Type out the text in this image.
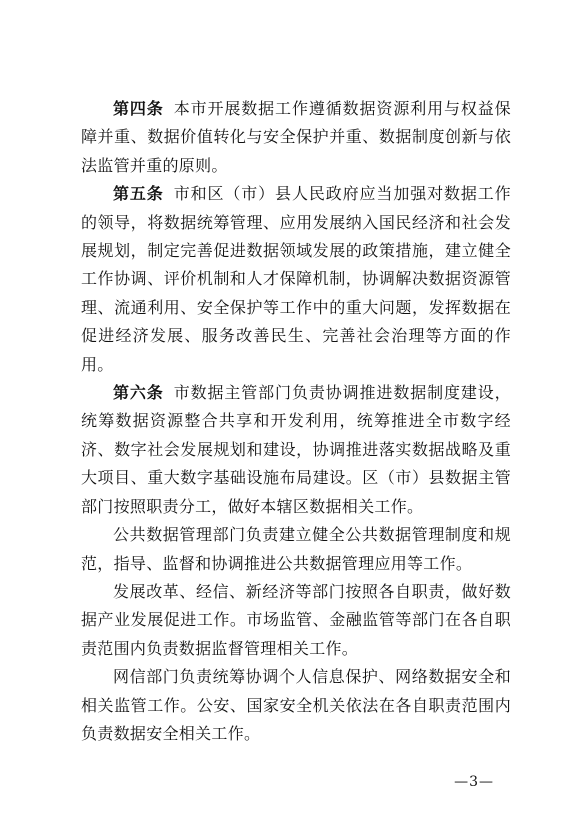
第四条 本市开展数据工作遵循数据资源利用与权益保障并重、数据价值转化与安全保护并重、数据制度创新与依法监管并重的原则。

第五条 市和区（市）县人民政府应当加强对数据工作的领导，将数据统筹管理、应用发展纳入国民经济和社会发展规划，制定完善促进数据领域发展的政策措施，建立健全工作协调、评价机制和人才保障机制，协调解决数据资源管理、流通利用、安全保护等工作中的重大问题，发挥数据在促进经济发展、服务改善民生、完善社会治理等方面的作用。

第六条 市数据主管部门负责协调推进数据制度建设，统筹数据资源整合共享和开发利用，统筹推进全市数字经济、数字社会发展规划和建设，协调推进落实数据战略及重大项目、重大数字基础设施布局建设。区（市）县数据主管部门按照职责分工，做好本辖区数据相关工作。

公共数据管理部门负责建立健全公共数据管理制度和规范，指导、监督和协调推进公共数据管理应用等工作。

发展改革、经信、新经济等部门按照各自职责，做好数据产业发展促进工作。市场监管、金融监管等部门在各自职责范围内负责数据监督管理相关工作。

网信部门负责统筹协调个人信息保护、网络数据安全和相关监管工作。公安、国家安全机关依法在各自职责范围内负责数据安全相关工作。

—3—
